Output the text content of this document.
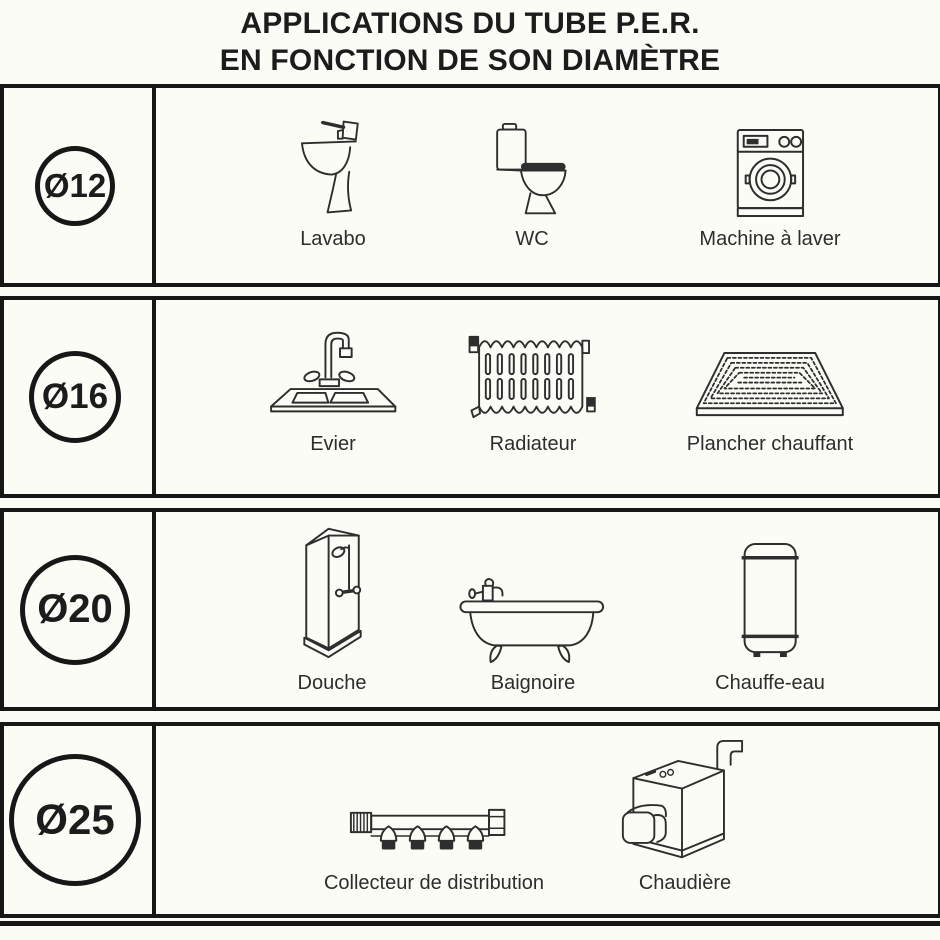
APPLICATIONS DU TUBE P.E.R.
EN FONCTION DE SON DIAMÈTRE
Ø12
Lavabo	WC	Machine à laver
Ø16
Evier	Radiateur	Plancher chauffant
Ø20
Douche	Baignoire	Chauffe-eau
Ø25
Collecteur de distribution	Chaudière
